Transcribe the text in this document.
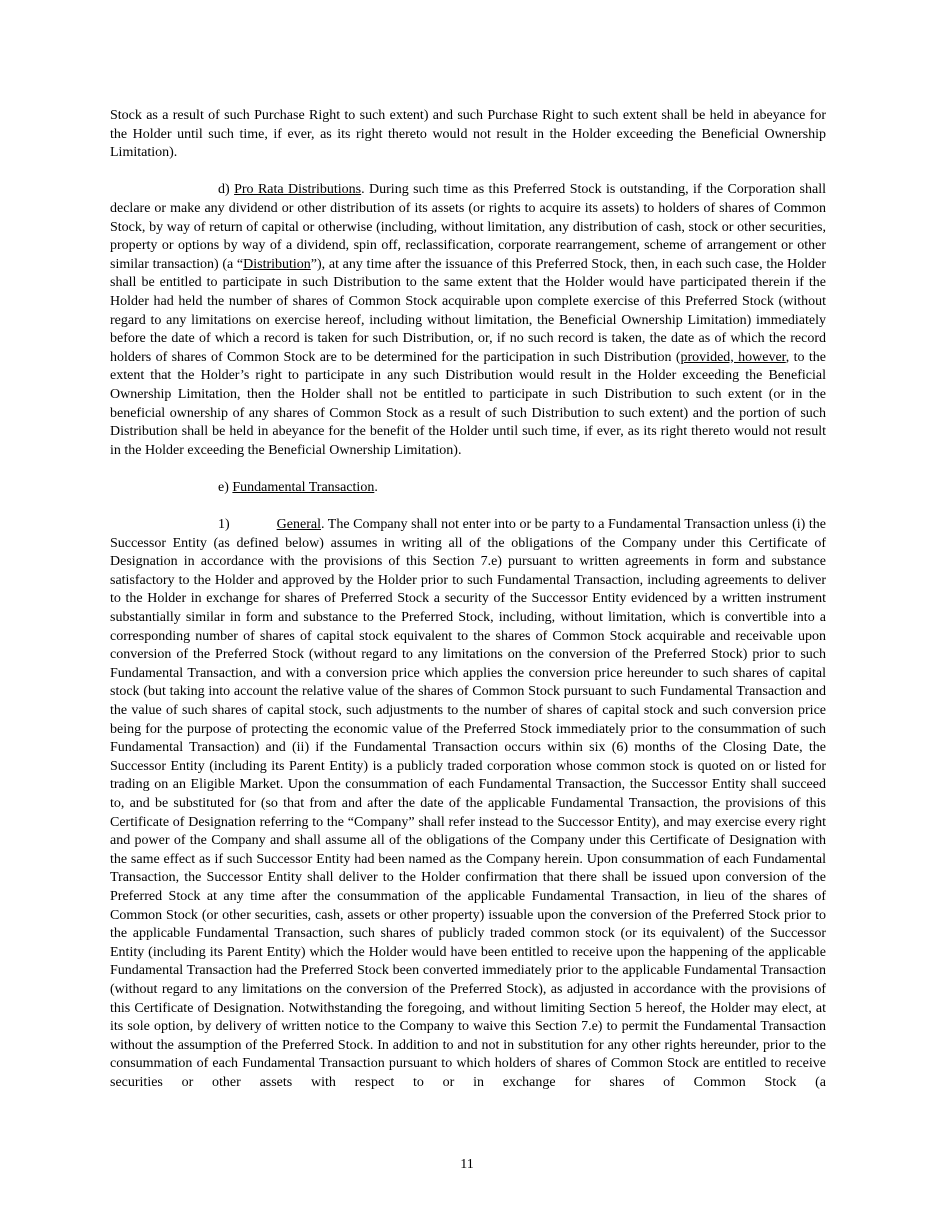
Stock as a result of such Purchase Right to such extent) and such Purchase Right to such extent shall be held in abeyance for the Holder until such time, if ever, as its right thereto would not result in the Holder exceeding the Beneficial Ownership Limitation).

d) Pro Rata Distributions. During such time as this Preferred Stock is outstanding, if the Corporation shall declare or make any dividend or other distribution of its assets (or rights to acquire its assets) to holders of shares of Common Stock, by way of return of capital or otherwise (including, without limitation, any distribution of cash, stock or other securities, property or options by way of a dividend, spin off, reclassification, corporate rearrangement, scheme of arrangement or other similar transaction) (a “Distribution”), at any time after the issuance of this Preferred Stock, then, in each such case, the Holder shall be entitled to participate in such Distribution to the same extent that the Holder would have participated therein if the Holder had held the number of shares of Common Stock acquirable upon complete exercise of this Preferred Stock (without regard to any limitations on exercise hereof, including without limitation, the Beneficial Ownership Limitation) immediately before the date of which a record is taken for such Distribution, or, if no such record is taken, the date as of which the record holders of shares of Common Stock are to be determined for the participation in such Distribution (provided, however, to the extent that the Holder’s right to participate in any such Distribution would result in the Holder exceeding the Beneficial Ownership Limitation, then the Holder shall not be entitled to participate in such Distribution to such extent (or in the beneficial ownership of any shares of Common Stock as a result of such Distribution to such extent) and the portion of such Distribution shall be held in abeyance for the benefit of the Holder until such time, if ever, as its right thereto would not result in the Holder exceeding the Beneficial Ownership Limitation).

e) Fundamental Transaction.

1)	General. The Company shall not enter into or be party to a Fundamental Transaction unless (i) the Successor Entity (as defined below) assumes in writing all of the obligations of the Company under this Certificate of Designation in accordance with the provisions of this Section 7.e) pursuant to written agreements in form and substance satisfactory to the Holder and approved by the Holder prior to such Fundamental Transaction, including agreements to deliver to the Holder in exchange for shares of Preferred Stock a security of the Successor Entity evidenced by a written instrument substantially similar in form and substance to the Preferred Stock, including, without limitation, which is convertible into a corresponding number of shares of capital stock equivalent to the shares of Common Stock acquirable and receivable upon conversion of the Preferred Stock (without regard to any limitations on the conversion of the Preferred Stock) prior to such Fundamental Transaction, and with a conversion price which applies the conversion price hereunder to such shares of capital stock (but taking into account the relative value of the shares of Common Stock pursuant to such Fundamental Transaction and the value of such shares of capital stock, such adjustments to the number of shares of capital stock and such conversion price being for the purpose of protecting the economic value of the Preferred Stock immediately prior to the consummation of such Fundamental Transaction) and (ii) if the Fundamental Transaction occurs within six (6) months of the Closing Date, the Successor Entity (including its Parent Entity) is a publicly traded corporation whose common stock is quoted on or listed for trading on an Eligible Market. Upon the consummation of each Fundamental Transaction, the Successor Entity shall succeed to, and be substituted for (so that from and after the date of the applicable Fundamental Transaction, the provisions of this Certificate of Designation referring to the “Company” shall refer instead to the Successor Entity), and may exercise every right and power of the Company and shall assume all of the obligations of the Company under this Certificate of Designation with the same effect as if such Successor Entity had been named as the Company herein. Upon consummation of each Fundamental Transaction, the Successor Entity shall deliver to the Holder confirmation that there shall be issued upon conversion of the Preferred Stock at any time after the consummation of the applicable Fundamental Transaction, in lieu of the shares of Common Stock (or other securities, cash, assets or other property) issuable upon the conversion of the Preferred Stock prior to the applicable Fundamental Transaction, such shares of publicly traded common stock (or its equivalent) of the Successor Entity (including its Parent Entity) which the Holder would have been entitled to receive upon the happening of the applicable Fundamental Transaction had the Preferred Stock been converted immediately prior to the applicable Fundamental Transaction (without regard to any limitations on the conversion of the Preferred Stock), as adjusted in accordance with the provisions of this Certificate of Designation. Notwithstanding the foregoing, and without limiting Section 5 hereof, the Holder may elect, at its sole option, by delivery of written notice to the Company to waive this Section 7.e) to permit the Fundamental Transaction without the assumption of the Preferred Stock. In addition to and not in substitution for any other rights hereunder, prior to the consummation of each Fundamental Transaction pursuant to which holders of shares of Common Stock are entitled to receive securities or other assets with respect to or in exchange for shares of Common Stock (a

11
